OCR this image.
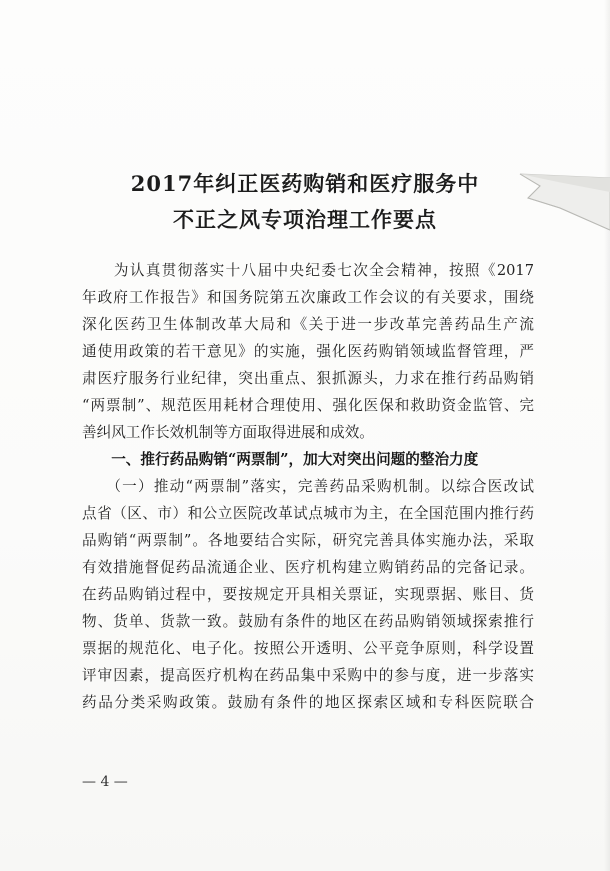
2017年纠正医药购销和医疗服务中
不正之风专项治理工作要点
　　为认真贯彻落实十八届中央纪委七次全会精神，按照《2017
年政府工作报告》和国务院第五次廉政工作会议的有关要求，围绕
深化医药卫生体制改革大局和《关于进一步改革完善药品生产流
通使用政策的若干意见》的实施，强化医药购销领域监督管理，严
肃医疗服务行业纪律，突出重点、狠抓源头，力求在推行药品购销
“两票制”、规范医用耗材合理使用、强化医保和救助资金监管、完
善纠风工作长效机制等方面取得进展和成效。
　　一、推行药品购销“两票制”，加大对突出问题的整治力度
　　（一）推动“两票制”落实，完善药品采购机制。以综合医改试
点省（区、市）和公立医院改革试点城市为主，在全国范围内推行药
品购销“两票制”。各地要结合实际，研究完善具体实施办法，采取
有效措施督促药品流通企业、医疗机构建立购销药品的完备记录。
在药品购销过程中，要按规定开具相关票证，实现票据、账目、货
物、货单、货款一致。鼓励有条件的地区在药品购销领域探索推行
票据的规范化、电子化。按照公开透明、公平竞争原则，科学设置
评审因素，提高医疗机构在药品集中采购中的参与度，进一步落实
药品分类采购政策。鼓励有条件的地区探索区域和专科医院联合
— 4 —
